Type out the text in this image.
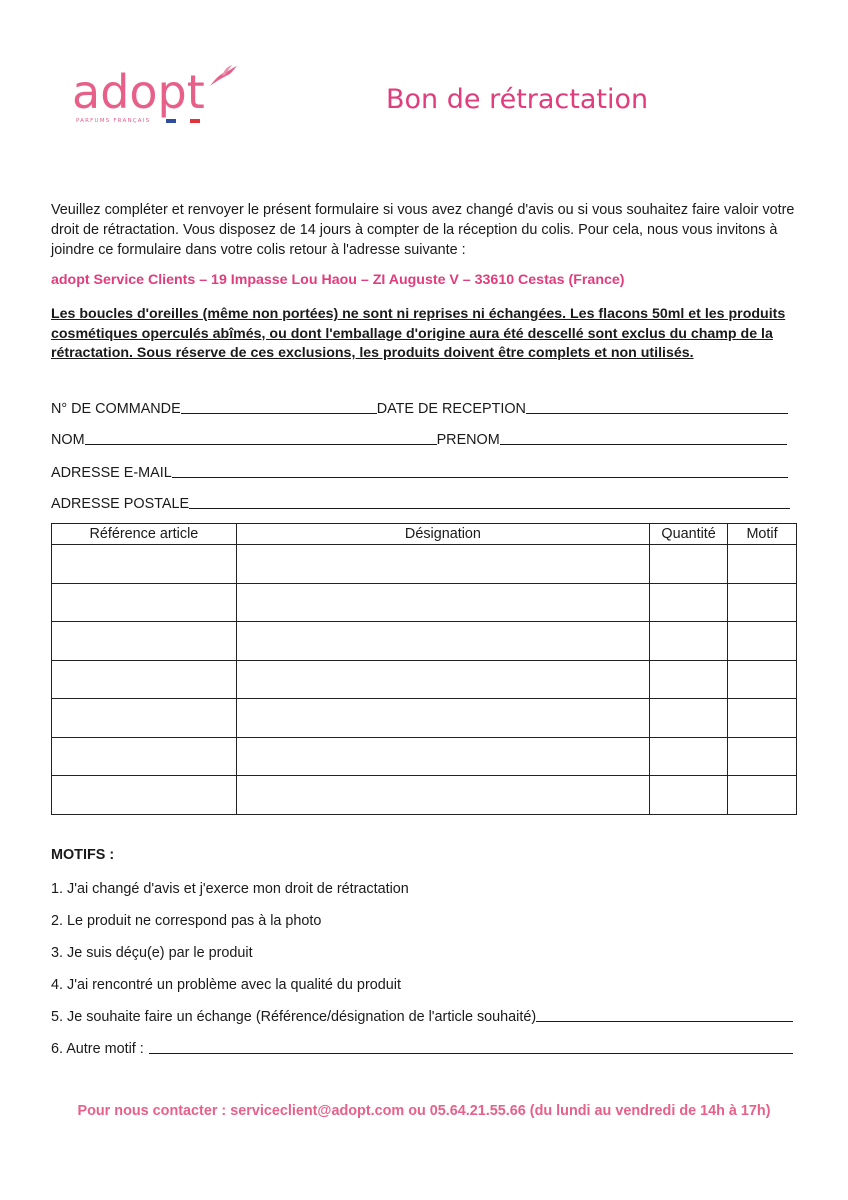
adopt
PARFUMS FRANÇAIS
Bon de rétractation
Veuillez compléter et renvoyer le présent formulaire si vous avez changé d'avis ou si vous souhaitez faire valoir votre droit de rétractation. Vous disposez de 14 jours à compter de la réception du colis. Pour cela, nous vous invitons à joindre ce formulaire dans votre colis retour à l'adresse suivante :
adopt Service Clients – 19 Impasse Lou Haou – ZI Auguste V – 33610 Cestas (France)
Les boucles d'oreilles (même non portées) ne sont ni reprises ni échangées. Les flacons 50ml et les produits cosmétiques operculés abîmés, ou dont l'emballage d'origine aura été descellé sont exclus du champ de la rétractation. Sous réserve de ces exclusions, les produits doivent être complets et non utilisés.
N° DE COMMANDE	DATE DE RECEPTION
NOM	PRENOM
ADRESSE E-MAIL
ADRESSE POSTALE
Référence article	Désignation	Quantité	Motif

MOTIFS :
1. J'ai changé d'avis et j'exerce mon droit de rétractation
2. Le produit ne correspond pas à la photo
3. Je suis déçu(e) par le produit
4. J'ai rencontré un problème avec la qualité du produit
5. Je souhaite faire un échange (Référence/désignation de l'article souhaité)
6. Autre motif :
Pour nous contacter : serviceclient@adopt.com ou 05.64.21.55.66 (du lundi au vendredi de 14h à 17h)
